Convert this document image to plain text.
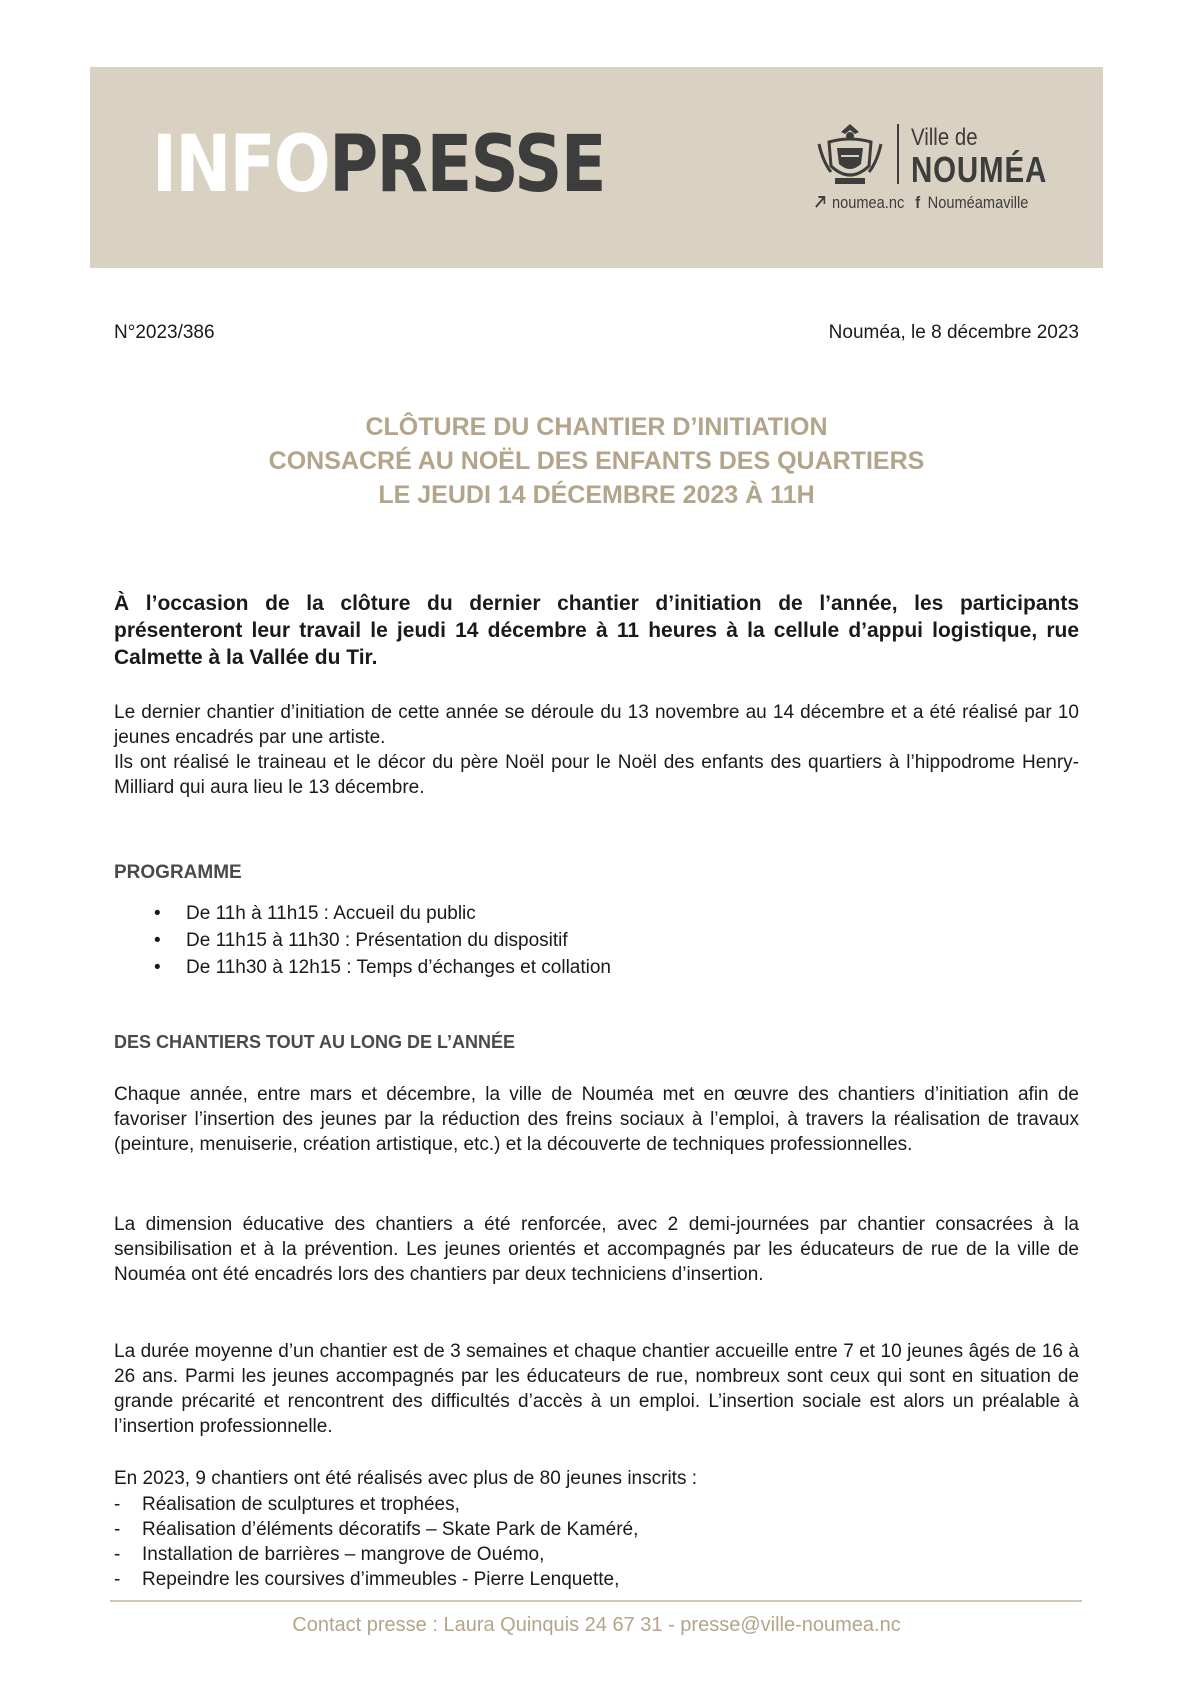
INFOPRESSE	Ville de
NOUMÉA
noumea.nc f Nouméamaville
N°2023/386	Nouméa, le 8 décembre 2023
CLÔTURE DU CHANTIER D’INITIATION
CONSACRÉ AU NOËL DES ENFANTS DES QUARTIERS
LE JEUDI 14 DÉCEMBRE 2023 À 11H
À l’occasion de la clôture du dernier chantier d’initiation de l’année, les participants présenteront leur travail le jeudi 14 décembre à 11 heures à la cellule d’appui logistique, rue Calmette à la Vallée du Tir.

Le dernier chantier d’initiation de cette année se déroule du 13 novembre au 14 décembre et a été réalisé par 10 jeunes encadrés par une artiste.

Ils ont réalisé le traineau et le décor du père Noël pour le Noël des enfants des quartiers à l’hippodrome Henry-Milliard qui aura lieu le 13 décembre.

PROGRAMME
• De 11h à 11h15 : Accueil du public
• De 11h15 à 11h30 : Présentation du dispositif
• De 11h30 à 12h15 : Temps d’échanges et collation
DES CHANTIERS TOUT AU LONG DE L’ANNÉE
Chaque année, entre mars et décembre, la ville de Nouméa met en œuvre des chantiers d’initiation afin de favoriser l’insertion des jeunes par la réduction des freins sociaux à l’emploi, à travers la réalisation de travaux (peinture, menuiserie, création artistique, etc.) et la découverte de techniques professionnelles.
La dimension éducative des chantiers a été renforcée, avec 2 demi-journées par chantier consacrées à la sensibilisation et à la prévention. Les jeunes orientés et accompagnés par les éducateurs de rue de la ville de Nouméa ont été encadrés lors des chantiers par deux techniciens d’insertion.
La durée moyenne d’un chantier est de 3 semaines et chaque chantier accueille entre 7 et 10 jeunes âgés de 16 à 26 ans. Parmi les jeunes accompagnés par les éducateurs de rue, nombreux sont ceux qui sont en situation de grande précarité et rencontrent des difficultés d’accès à un emploi. L’insertion sociale est alors un préalable à l’insertion professionnelle.
En 2023, 9 chantiers ont été réalisés avec plus de 80 jeunes inscrits :
- Réalisation de sculptures et trophées,
- Réalisation d’éléments décoratifs – Skate Park de Kaméré,
- Installation de barrières – mangrove de Ouémo,
- Repeindre les coursives d’immeubles - Pierre Lenquette,
Contact presse : Laura Quinquis 24 67 31 - presse@ville-noumea.nc
